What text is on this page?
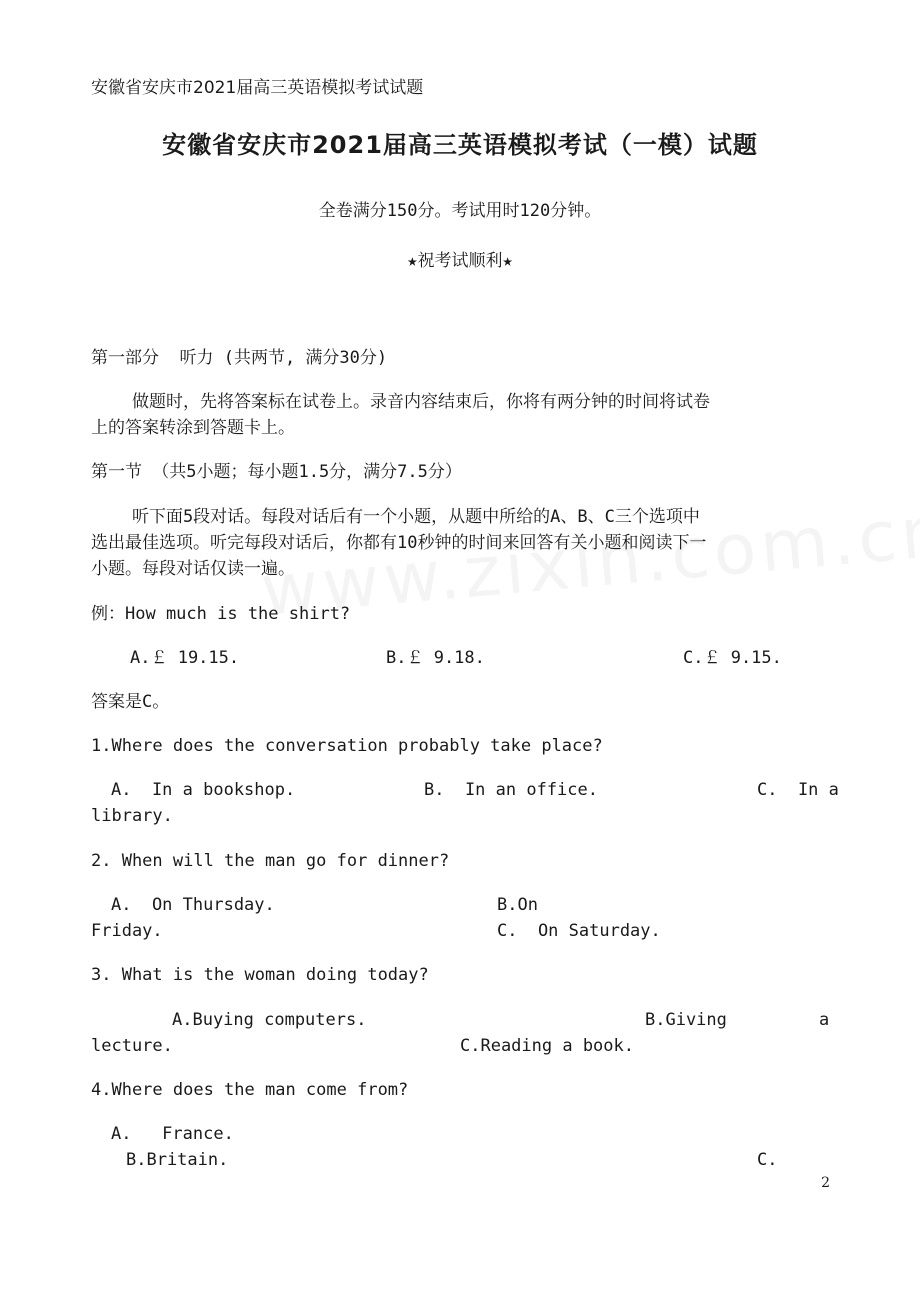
安徽省安庆市2021届高三英语模拟考试试题
安徽省安庆市2021届高三英语模拟考试（一模）试题
全卷满分150分。考试用时120分钟。
★祝考试顺利★
第一部分  听力 (共两节, 满分30分)
做题时，先将答案标在试卷上。录音内容结束后，你将有两分钟的时间将试卷
上的答案转涂到答题卡上。
第一节 （共5小题；每小题1.5分，满分7.5分）
听下面5段对话。每段对话后有一个小题，从题中所给的A、B、C三个选项中
选出最佳选项。听完每段对话后，你都有10秒钟的时间来回答有关小题和阅读下一
小题。每段对话仅读一遍。
例：How much is the shirt?
A.￡ 19.15.	B.￡ 9.18.	C.￡ 9.15.
答案是C。
1.Where does the conversation probably take place?
A.  In a bookshop.	B.  In an office.	C.  In a
library.
2. When will the man go for dinner?
A.  On Thursday.	B.On
Friday.	C.  On Saturday.
3. What is the woman doing today?
A.Buying computers.	B.Giving	a
lecture.	C.Reading a book.
4.Where does the man come from?
A.   France.
B.Britain.	C.
2
